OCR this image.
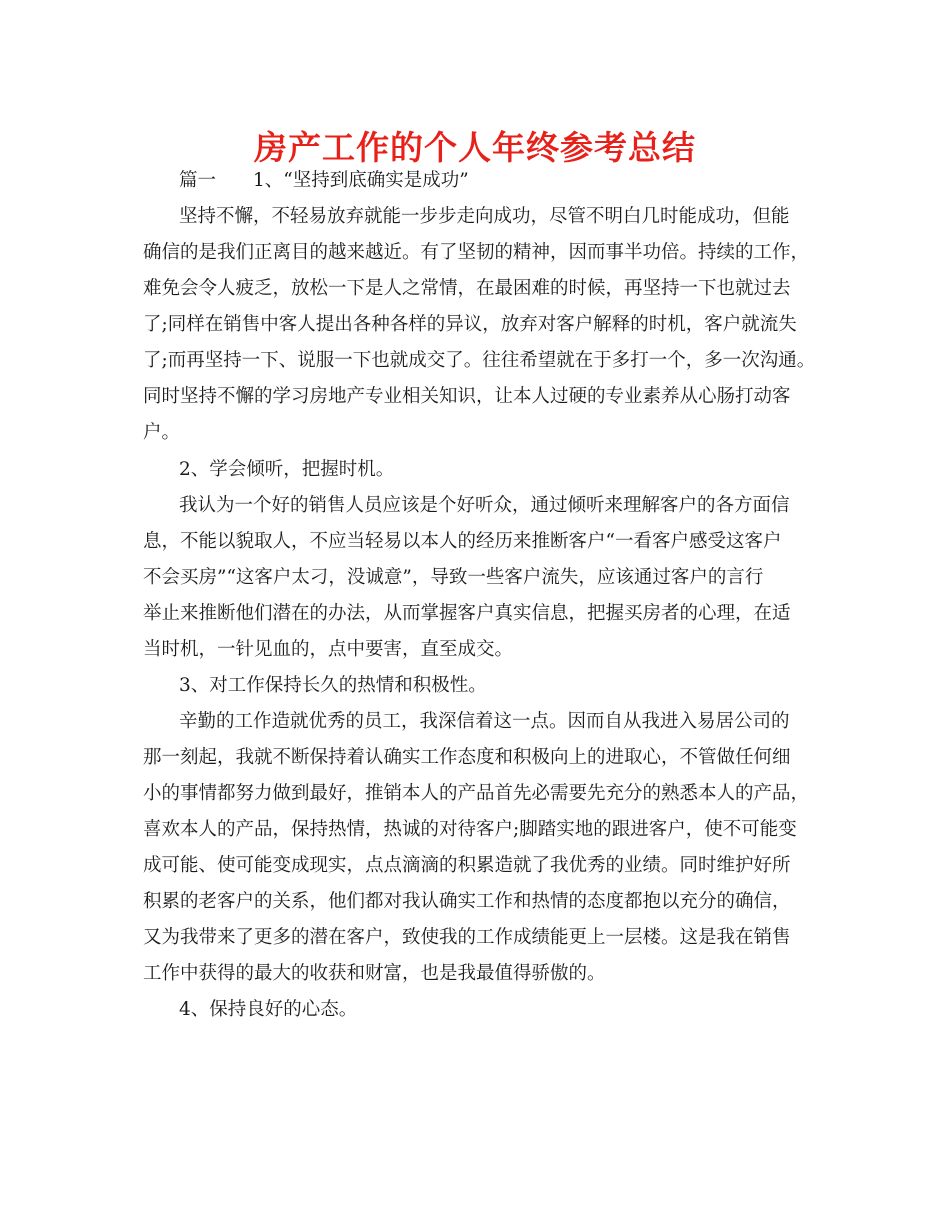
房产工作的个人年终参考总结
篇一　　1、“坚持到底确实是成功”
坚持不懈，不轻易放弃就能一步步走向成功，尽管不明白几时能成功，但能
确信的是我们正离目的越来越近。有了坚韧的精神，因而事半功倍。持续的工作，
难免会令人疲乏，放松一下是人之常情，在最困难的时候，再坚持一下也就过去
了;同样在销售中客人提出各种各样的异议，放弃对客户解释的时机，客户就流失
了;而再坚持一下、说服一下也就成交了。往往希望就在于多打一个，多一次沟通。
同时坚持不懈的学习房地产专业相关知识，让本人过硬的专业素养从心肠打动客
户。
2、学会倾听，把握时机。
我认为一个好的销售人员应该是个好听众，通过倾听来理解客户的各方面信
息，不能以貌取人，不应当轻易以本人的经历来推断客户“一看客户感受这客户
不会买房”“这客户太刁，没诚意”，导致一些客户流失，应该通过客户的言行
举止来推断他们潜在的办法，从而掌握客户真实信息，把握买房者的心理，在适
当时机，一针见血的，点中要害，直至成交。
3、对工作保持长久的热情和积极性。
辛勤的工作造就优秀的员工，我深信着这一点。因而自从我进入易居公司的
那一刻起，我就不断保持着认确实工作态度和积极向上的进取心，不管做任何细
小的事情都努力做到最好，推销本人的产品首先必需要先充分的熟悉本人的产品，
喜欢本人的产品，保持热情，热诚的对待客户;脚踏实地的跟进客户，使不可能变
成可能、使可能变成现实，点点滴滴的积累造就了我优秀的业绩。同时维护好所
积累的老客户的关系，他们都对我认确实工作和热情的态度都抱以充分的确信，
又为我带来了更多的潜在客户，致使我的工作成绩能更上一层楼。这是我在销售
工作中获得的最大的收获和财富，也是我最值得骄傲的。
4、保持良好的心态。
